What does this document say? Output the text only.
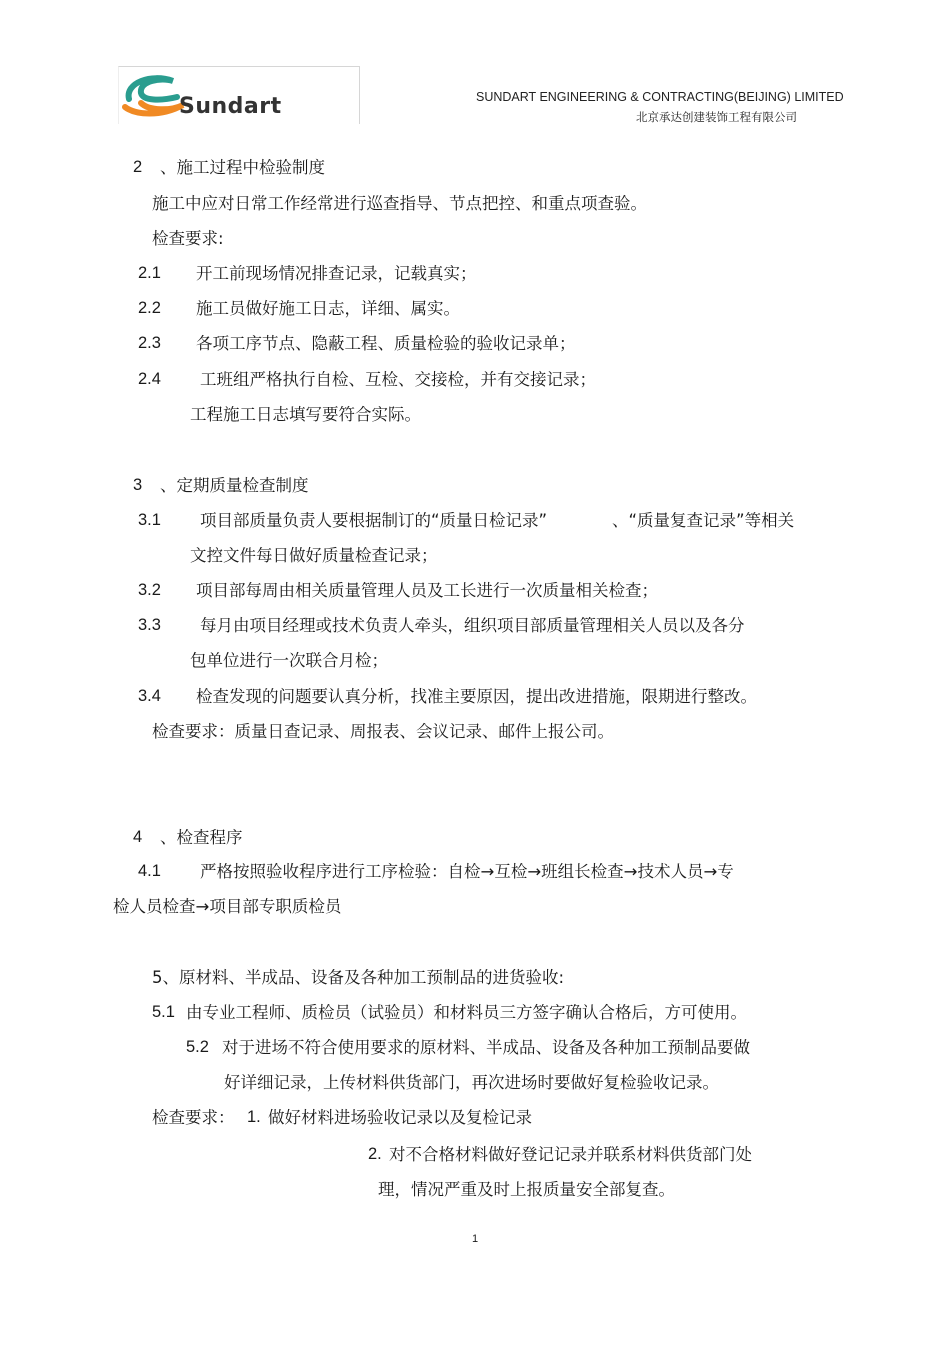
Sundart	SUNDART ENGINEERING & CONTRACTING(BEIJING) LIMITED
北京承达创建装饰工程有限公司
2 、施工过程中检验制度
施工中应对日常工作经常进行巡查指导、节点把控、和重点项查验。
检查要求:
2.1 开工前现场情况排查记录，记载真实；
2.2 施工员做好施工日志，详细、属实。
2.3 各项工序节点、隐蔽工程、质量检验的验收记录单；
2.4 工班组严格执行自检、互检、交接检，并有交接记录；
工程施工日志填写要符合实际。
3 、定期质量检查制度
3.1 项目部质量负责人要根据制订的“质量日检记录”	、“质量复查记录”等相关
文控文件每日做好质量检查记录；
3.2 项目部每周由相关质量管理人员及工长进行一次质量相关检查；
3.3 每月由项目经理或技术负责人牵头，组织项目部质量管理相关人员以及各分
包单位进行一次联合月检；
3.4 检查发现的问题要认真分析，找准主要原因，提出改进措施，限期进行整改。
检查要求：质量日查记录、周报表、会议记录、邮件上报公司。
4 、检查程序
4.1 严格按照验收程序进行工序检验：自检→互检→班组长检查→技术人员→专
检人员检查→项目部专职质检员
5、原材料、半成品、设备及各种加工预制品的进货验收:
5.1 由专业工程师、质检员（试验员）和材料员三方签字确认合格后，方可使用。
5.2 对于进场不符合使用要求的原材料、半成品、设备及各种加工预制品要做
好详细记录，上传材料供货部门，再次进场时要做好复检验收记录。
检查要求： 1. 做好材料进场验收记录以及复检记录
2. 对不合格材料做好登记记录并联系材料供货部门处
理，情况严重及时上报质量安全部复查。
1
